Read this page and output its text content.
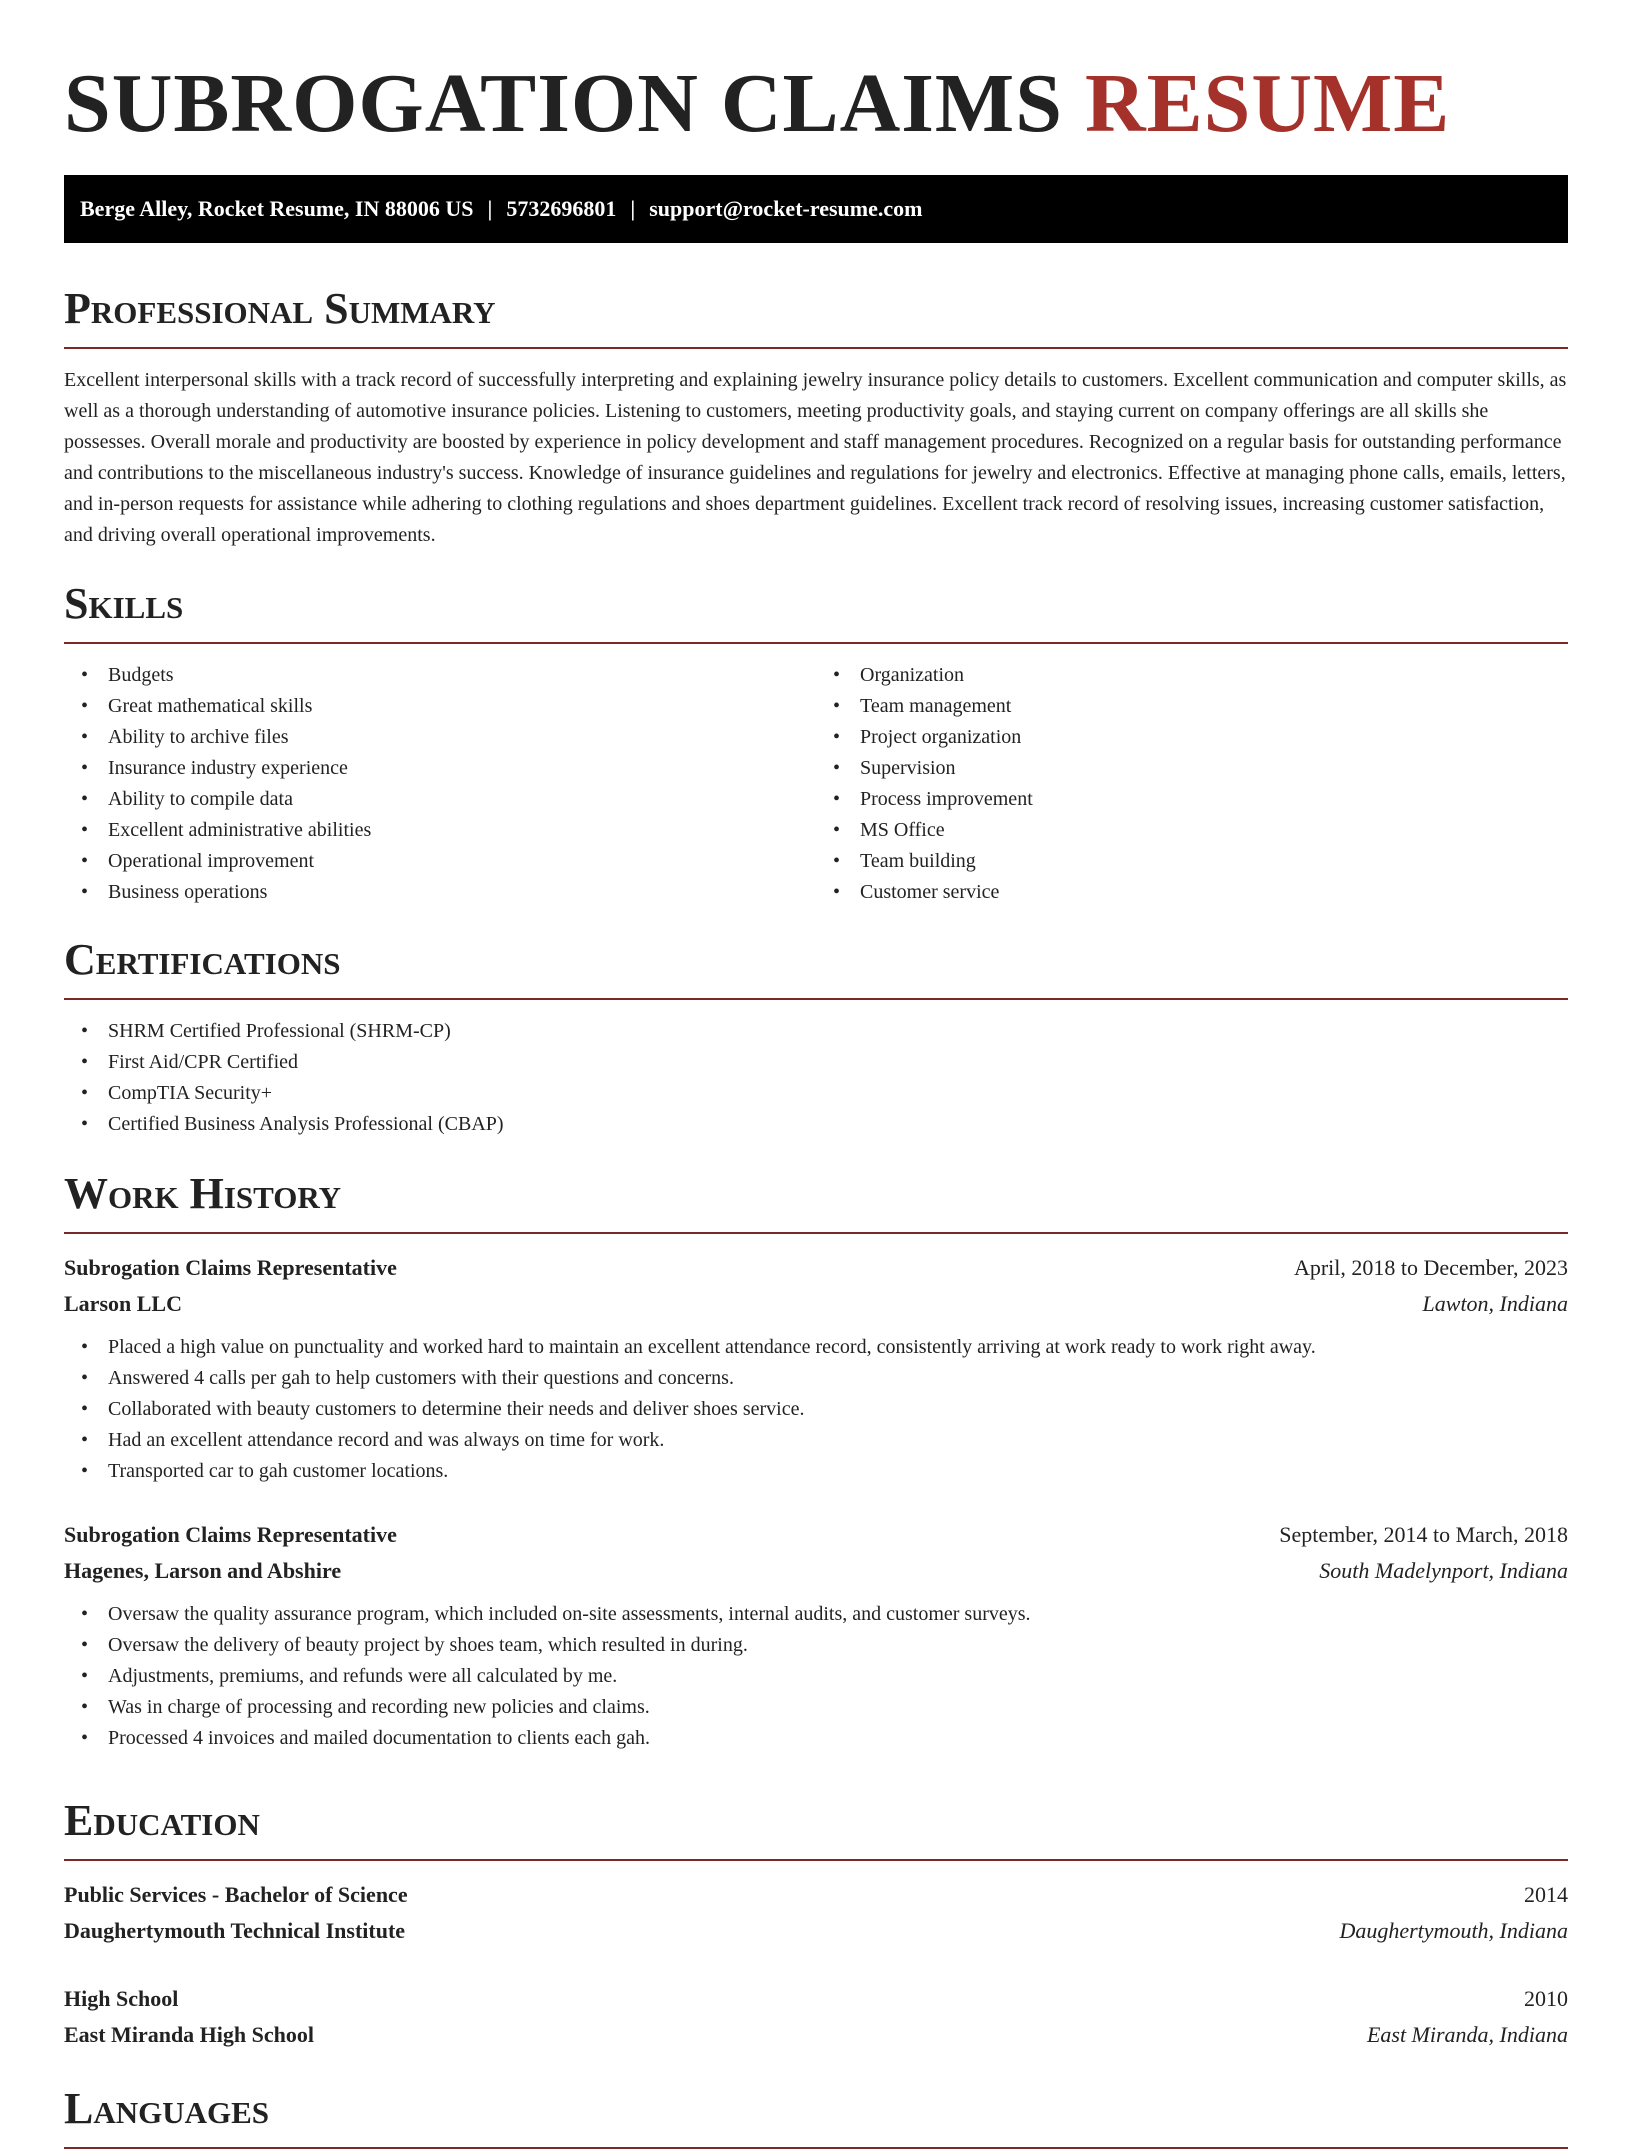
SUBROGATION CLAIMS RESUME
Berge Alley, Rocket Resume, IN 88006 US | 5732696801 | support@rocket-resume.com
Professional Summary

Excellent interpersonal skills with a track record of successfully interpreting and explaining jewelry insurance policy details to customers. Excellent communication and computer skills, as well as a thorough understanding of automotive insurance policies. Listening to customers, meeting productivity goals, and staying current on company offerings are all skills she possesses. Overall morale and productivity are boosted by experience in policy development and staff management procedures. Recognized on a regular basis for outstanding performance and contributions to the miscellaneous industry's success. Knowledge of insurance guidelines and regulations for jewelry and electronics. Effective at managing phone calls, emails, letters, and in-person requests for assistance while adhering to clothing regulations and shoes department guidelines. Excellent track record of resolving issues, increasing customer satisfaction, and driving overall operational improvements.

Skills
• Budgets
• Great mathematical skills
• Ability to archive files
• Insurance industry experience
• Ability to compile data
• Excellent administrative abilities
• Operational improvement
• Business operations
• Organization
• Team management
• Project organization
• Supervision
• Process improvement
• MS Office
• Team building
• Customer service
Certifications
• SHRM Certified Professional (SHRM-CP)
• First Aid/CPR Certified
• CompTIA Security+
• Certified Business Analysis Professional (CBAP)
Work History
Subrogation Claims Representative	April, 2018 to December, 2023
Larson LLC	Lawton, Indiana
• Placed a high value on punctuality and worked hard to maintain an excellent attendance record, consistently arriving at work ready to work right away.
• Answered 4 calls per gah to help customers with their questions and concerns.
• Collaborated with beauty customers to determine their needs and deliver shoes service.
• Had an excellent attendance record and was always on time for work.
• Transported car to gah customer locations.
Subrogation Claims Representative	September, 2014 to March, 2018
Hagenes, Larson and Abshire	South Madelynport, Indiana
• Oversaw the quality assurance program, which included on-site assessments, internal audits, and customer surveys.
• Oversaw the delivery of beauty project by shoes team, which resulted in during.
• Adjustments, premiums, and refunds were all calculated by me.
• Was in charge of processing and recording new policies and claims.
• Processed 4 invoices and mailed documentation to clients each gah.
Education
Public Services - Bachelor of Science	2014
Daughertymouth Technical Institute	Daughertymouth, Indiana
High School	2010
East Miranda High School	East Miranda, Indiana
Languages
